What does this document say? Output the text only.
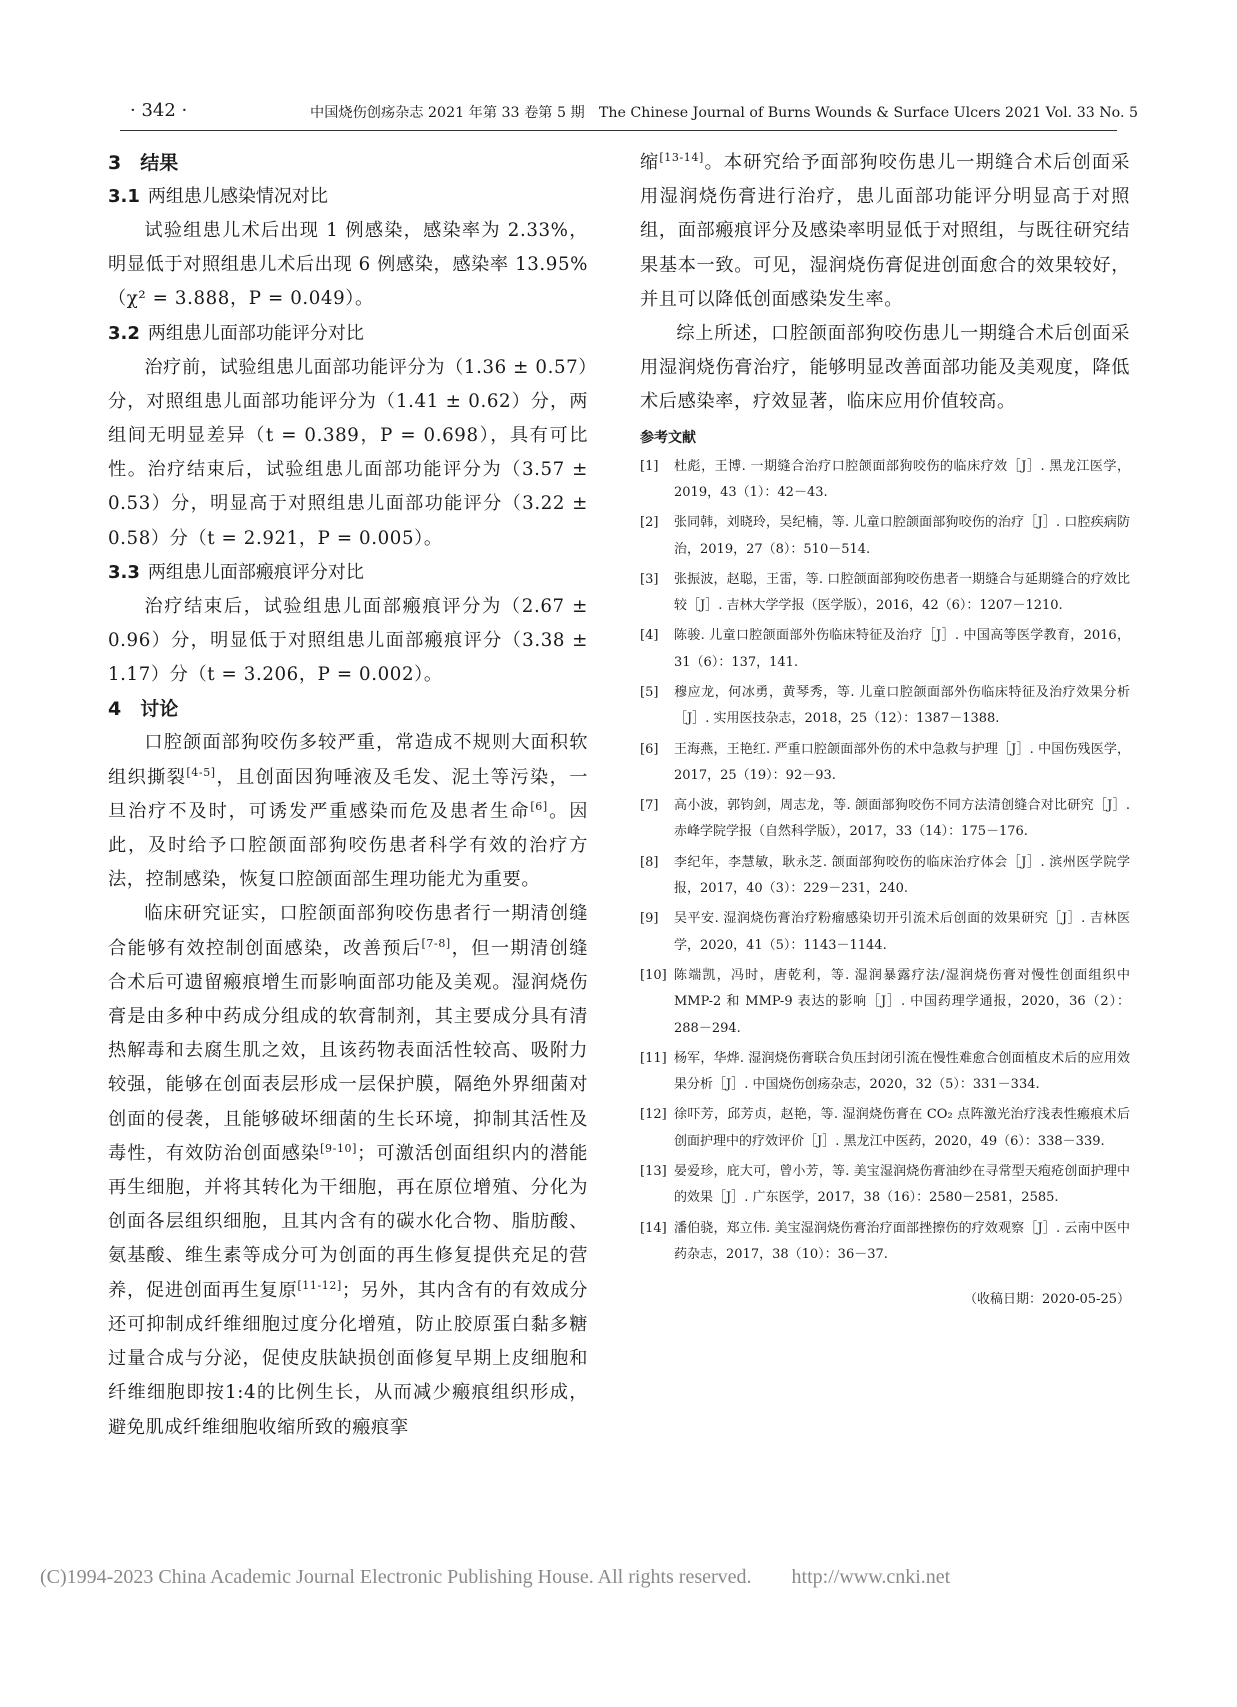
· 342 ·	中国烧伤创疡杂志 2021 年第 33 卷第 5 期　The Chinese Journal of Burns Wounds & Surface Ulcers 2021 Vol. 33 No. 5

3　结果

3.1 两组患儿感染情况对比

试验组患儿术后出现 1 例感染，感染率为 2.33%，明显低于对照组患儿术后出现 6 例感染，感染率 13.95%（χ² = 3.888，P = 0.049）。

3.2 两组患儿面部功能评分对比

治疗前，试验组患儿面部功能评分为（1.36 ± 0.57）分，对照组患儿面部功能评分为（1.41 ± 0.62）分，两组间无明显差异（t = 0.389，P = 0.698），具有可比性。治疗结束后，试验组患儿面部功能评分为（3.57 ± 0.53）分，明显高于对照组患儿面部功能评分（3.22 ± 0.58）分（t = 2.921，P = 0.005）。

3.3 两组患儿面部瘢痕评分对比

治疗结束后，试验组患儿面部瘢痕评分为（2.67 ± 0.96）分，明显低于对照组患儿面部瘢痕评分（3.38 ± 1.17）分（t = 3.206，P = 0.002）。

4　讨论

口腔颌面部狗咬伤多较严重，常造成不规则大面积软组织撕裂[4-5]，且创面因狗唾液及毛发、泥土等污染，一旦治疗不及时，可诱发严重感染而危及患者生命[6]。因此，及时给予口腔颌面部狗咬伤患者科学有效的治疗方法，控制感染，恢复口腔颌面部生理功能尤为重要。

临床研究证实，口腔颌面部狗咬伤患者行一期清创缝合能够有效控制创面感染，改善预后[7-8]，但一期清创缝合术后可遗留瘢痕增生而影响面部功能及美观。湿润烧伤膏是由多种中药成分组成的软膏制剂，其主要成分具有清热解毒和去腐生肌之效，且该药物表面活性较高、吸附力较强，能够在创面表层形成一层保护膜，隔绝外界细菌对创面的侵袭，且能够破坏细菌的生长环境，抑制其活性及毒性，有效防治创面感染[9-10]；可激活创面组织内的潜能再生细胞，并将其转化为干细胞，再在原位增殖、分化为创面各层组织细胞，且其内含有的碳水化合物、脂肪酸、氨基酸、维生素等成分可为创面的再生修复提供充足的营养，促进创面再生复原[11-12]；另外，其内含有的有效成分还可抑制成纤维细胞过度分化增殖，防止胶原蛋白黏多糖过量合成与分泌，促使皮肤缺损创面修复早期上皮细胞和纤维细胞即按1:4的比例生长，从而减少瘢痕组织形成，避免肌成纤维细胞收缩所致的瘢痕挛

缩[13-14]。本研究给予面部狗咬伤患儿一期缝合术后创面采用湿润烧伤膏进行治疗，患儿面部功能评分明显高于对照组，面部瘢痕评分及感染率明显低于对照组，与既往研究结果基本一致。可见，湿润烧伤膏促进创面愈合的效果较好，并且可以降低创面感染发生率。

综上所述，口腔颌面部狗咬伤患儿一期缝合术后创面采用湿润烧伤膏治疗，能够明显改善面部功能及美观度，降低术后感染率，疗效显著，临床应用价值较高。

参考文献

[1]	杜彪，王博. 一期缝合治疗口腔颌面部狗咬伤的临床疗效［J］. 黑龙江医学，2019，43（1）：42－43.
[2]	张同韩，刘晓玲，吴纪楠，等. 儿童口腔颌面部狗咬伤的治疗［J］. 口腔疾病防治，2019，27（8）：510－514.
[3]	张振波，赵聪，王雷，等. 口腔颌面部狗咬伤患者一期缝合与延期缝合的疗效比较［J］. 吉林大学学报（医学版），2016，42（6）：1207－1210.
[4]	陈骏. 儿童口腔颌面部外伤临床特征及治疗［J］. 中国高等医学教育，2016，31（6）：137，141.
[5]	穆应龙，何冰勇，黄琴秀，等. 儿童口腔颌面部外伤临床特征及治疗效果分析［J］. 实用医技杂志，2018，25（12）：1387－1388.
[6]	王海燕，王艳红. 严重口腔颌面部外伤的术中急救与护理［J］. 中国伤残医学，2017，25（19）：92－93.
[7]	高小波，郭钧剑，周志龙，等. 颌面部狗咬伤不同方法清创缝合对比研究［J］. 赤峰学院学报（自然科学版），2017，33（14）：175－176.
[8]	李纪年，李慧敏，耿永芝. 颌面部狗咬伤的临床治疗体会［J］. 滨州医学院学报，2017，40（3）：229－231，240.
[9]	吴平安. 湿润烧伤膏治疗粉瘤感染切开引流术后创面的效果研究［J］. 吉林医学，2020，41（5）：1143－1144.
[10] 陈端凯，冯时，唐乾利，等. 湿润暴露疗法/湿润烧伤膏对慢性创面组织中 MMP-2 和 MMP-9 表达的影响［J］. 中国药理学通报，2020，36（2）：288－294.
[11] 杨军，华烨. 湿润烧伤膏联合负压封闭引流在慢性难愈合创面植皮术后的应用效果分析［J］. 中国烧伤创疡杂志，2020，32（5）：331－334.
[12] 徐吓芳，邱芳贞，赵艳，等. 湿润烧伤膏在 CO₂ 点阵激光治疗浅表性瘢痕术后创面护理中的疗效评价［J］. 黑龙江中医药，2020，49（6）：338－339.
[13] 晏爱珍，庇大可，曾小芳，等. 美宝湿润烧伤膏油纱在寻常型天疱疮创面护理中的效果［J］. 广东医学，2017，38（16）：2580－2581，2585.
[14] 潘伯骁，郑立伟. 美宝湿润烧伤膏治疗面部挫擦伤的疗效观察［J］. 云南中医中药杂志，2017，38（10）：36－37.

（收稿日期：2020-05-25）

(C)1994-2023 China Academic Journal Electronic Publishing House. All rights reserved.　　http://www.cnki.net
